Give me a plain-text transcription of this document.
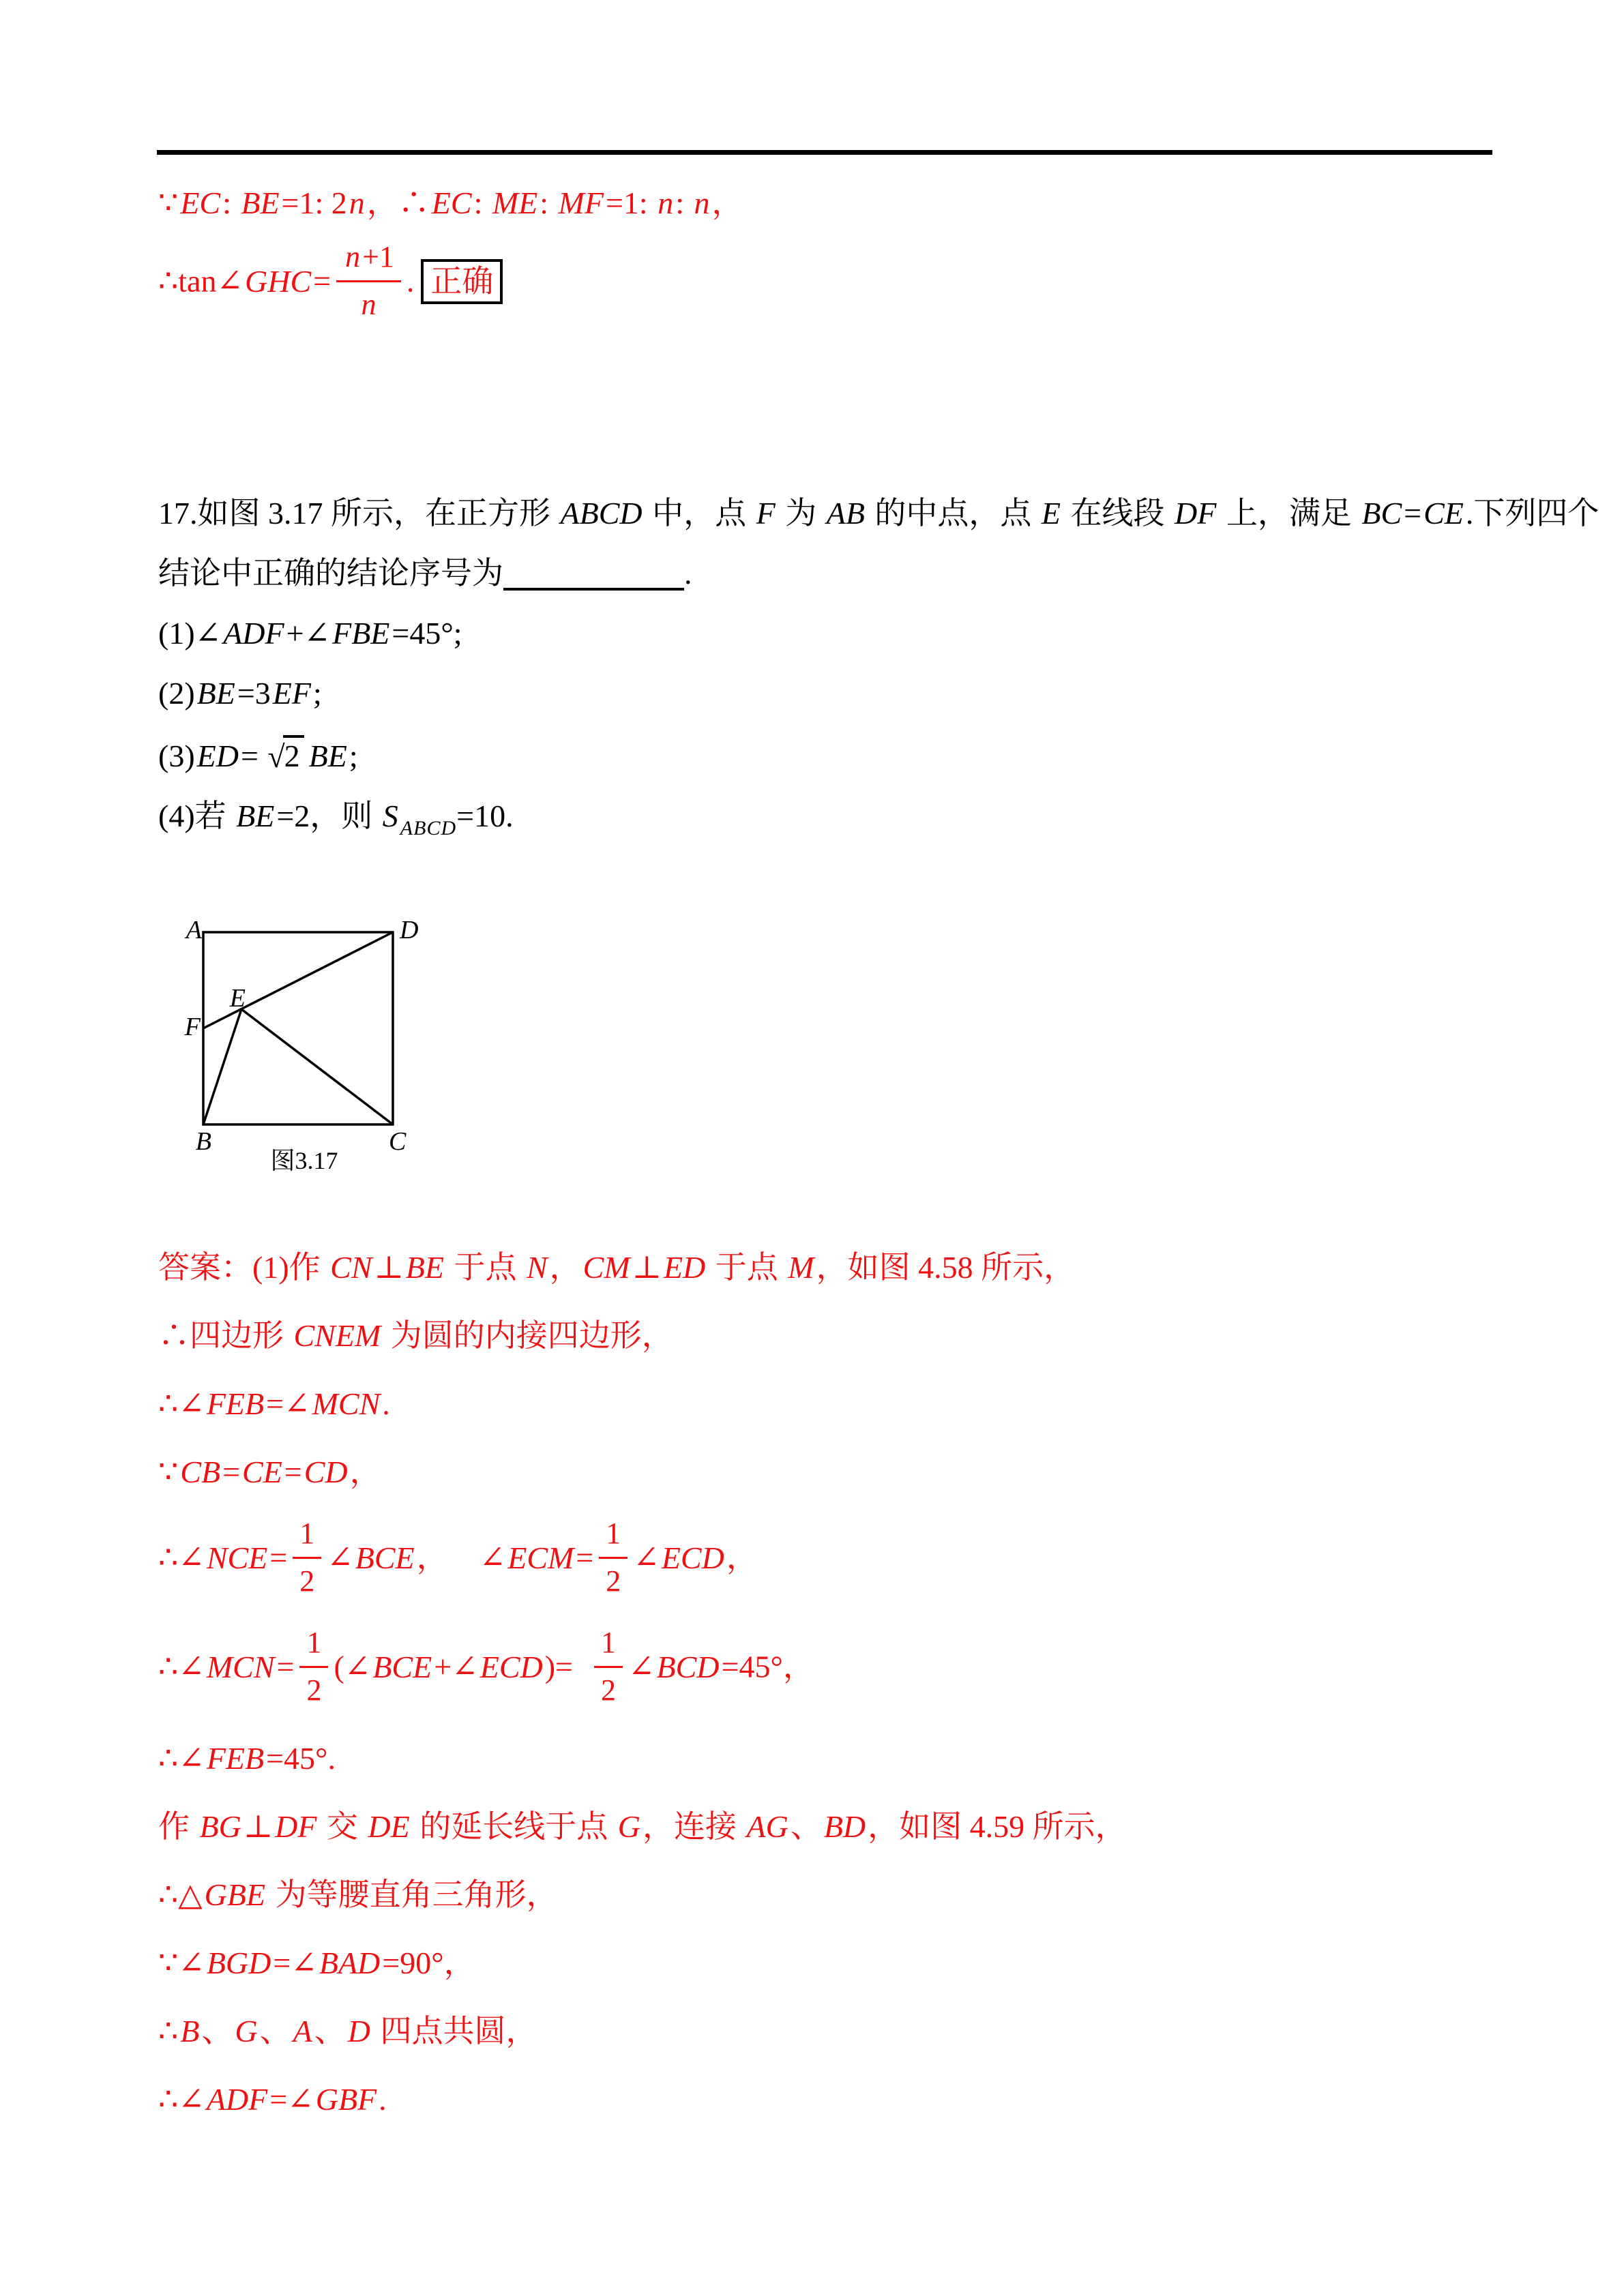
∵EC: BE=1: 2n，∴EC: ME: MF=1: n: n，
∴tan∠GHC= $\frac{n+1}{n}$ . 正确
17.如图 3.17 所示，在正方形 ABCD 中，点 F 为 AB 的中点，点 E 在线段 DF 上，满足 BC=CE.下列四个
结论中正确的结论序号为	.
(1)∠ADF+∠FBE=45°;
(2)BE=3EF;
(3)ED= √2 BE;
(4)若 BE=2，则 S $_{ABCD}$=10.
A	D
E
F
B	C
图3.17
答案：(1)作 CN⊥BE 于点 N，CM⊥ED 于点 M，如图 4.58 所示，
∴四边形 CNEM 为圆的内接四边形，
∴∠FEB=∠MCN.
∵CB=CE=CD，
∴∠NCE= $\frac{1}{2}$ ∠BCE， ∠ECM= $\frac{1}{2}$ ∠ECD，
∴∠MCN= $\frac{1}{2}$ (∠BCE+∠ECD)=  $\frac{1}{2}$ ∠BCD=45°，
∴∠FEB=45°.
作 BG⊥DF 交 DE 的延长线于点 G，连接 AG、BD，如图 4.59 所示，
∴△GBE 为等腰直角三角形，
∵∠BGD=∠BAD=90°，
∴B、G、A、D 四点共圆，
∴∠ADF=∠GBF.
